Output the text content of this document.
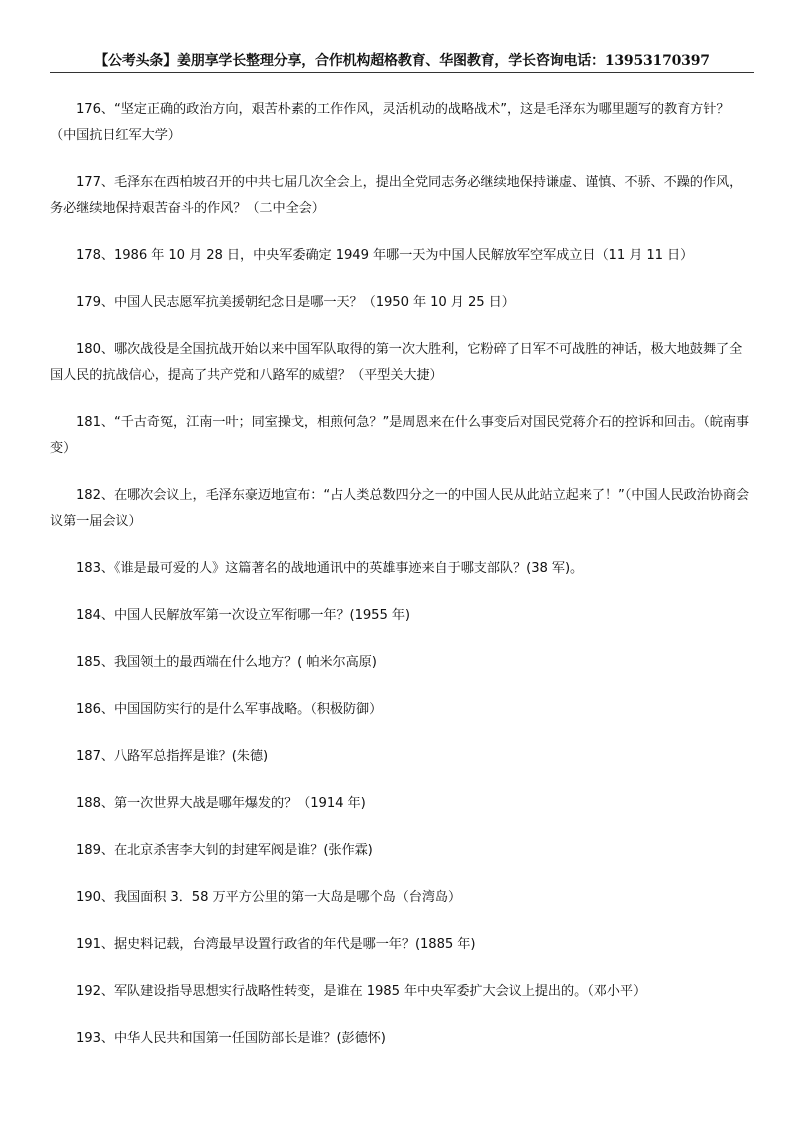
【公考头条】姜朋享学长整理分享，合作机构超格教育、华图教育，学长咨询电话：13953170397

176、“坚定正确的政治方向，艰苦朴素的工作作风，灵活机动的战略战术”，这是毛泽东为哪里题写的教育方针？（中国抗日红军大学）

177、毛泽东在西柏坡召开的中共七届几次全会上，提出全党同志务必继续地保持谦虚、谨慎、不骄、不躁的作风，务必继续地保持艰苦奋斗的作风？（二中全会）

178、1986 年 10 月 28 日，中央军委确定 1949 年哪一天为中国人民解放军空军成立日（11 月 11 日）

179、中国人民志愿军抗美援朝纪念日是哪一天？（1950 年 10 月 25 日）

180、哪次战役是全国抗战开始以来中国军队取得的第一次大胜利，它粉碎了日军不可战胜的神话，极大地鼓舞了全国人民的抗战信心，提高了共产党和八路军的威望？（平型关大捷）

181、“千古奇冤，江南一叶；同室操戈，相煎何急？”是周恩来在什么事变后对国民党蒋介石的控诉和回击。（皖南事变）

182、在哪次会议上，毛泽东豪迈地宣布：“占人类总数四分之一的中国人民从此站立起来了！”（中国人民政治协商会议第一届会议）

183、《谁是最可爱的人》这篇著名的战地通讯中的英雄事迹来自于哪支部队？(38 军)。

184、中国人民解放军第一次设立军衔哪一年？(1955 年)

185、我国领土的最西端在什么地方？( 帕米尔高原)

186、中国国防实行的是什么军事战略。（积极防御）

187、八路军总指挥是谁？(朱德)

188、第一次世界大战是哪年爆发的？（1914 年)

189、在北京杀害李大钊的封建军阀是谁？(张作霖)

190、我国面积 3．58 万平方公里的第一大岛是哪个岛（台湾岛）

191、据史料记载，台湾最早设置行政省的年代是哪一年？(1885 年)

192、军队建设指导思想实行战略性转变，是谁在 1985 年中央军委扩大会议上提出的。（邓小平）

193、中华人民共和国第一任国防部长是谁？(彭德怀)
